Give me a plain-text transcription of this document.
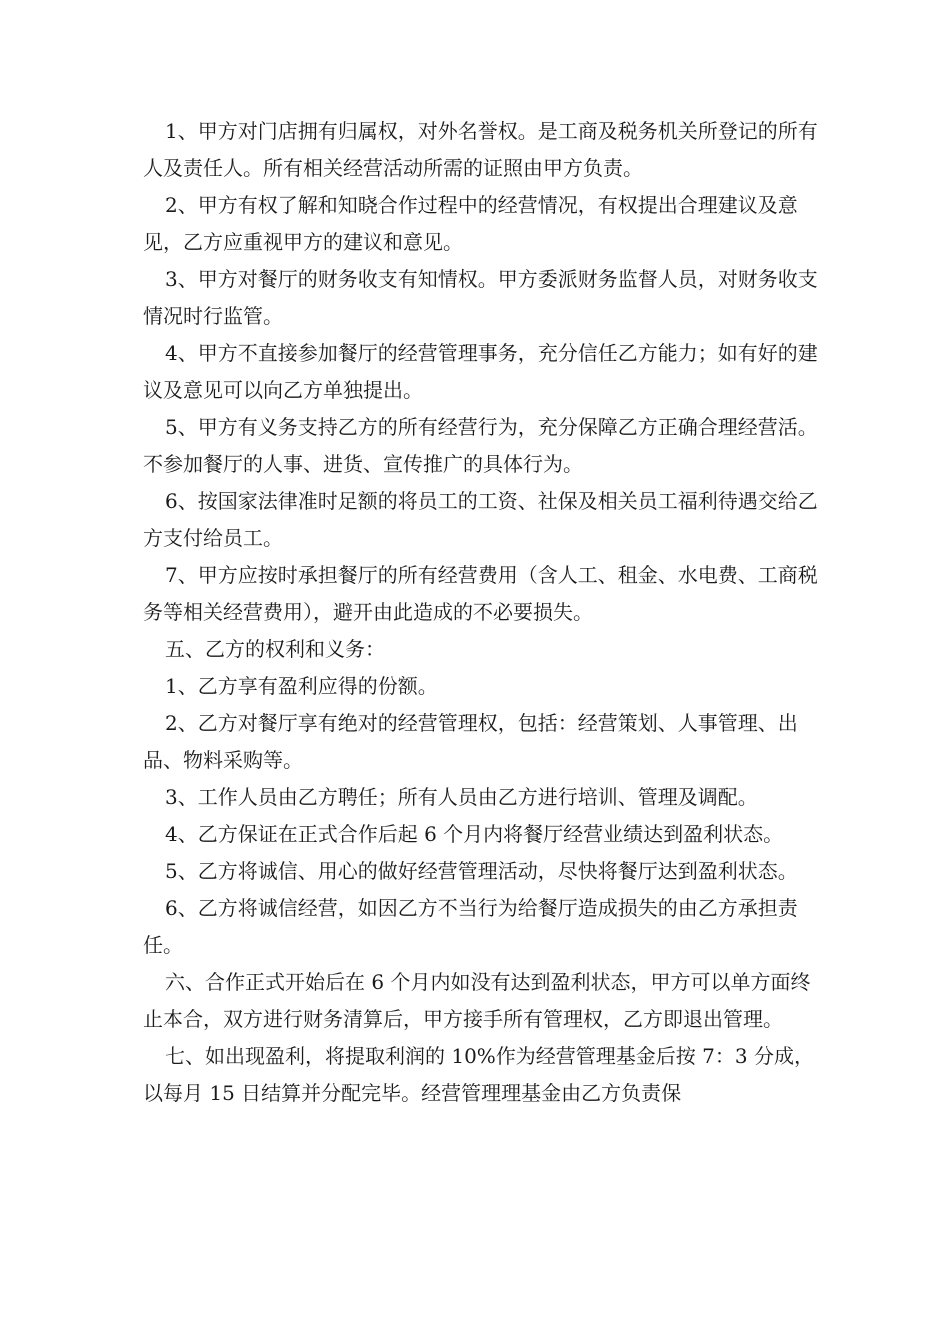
1、甲方对门店拥有归属权，对外名誉权。是工商及税务机关所登记的所有人及责任人。所有相关经营活动所需的证照由甲方负责。

2、甲方有权了解和知晓合作过程中的经营情况，有权提出合理建议及意见，乙方应重视甲方的建议和意见。

3、甲方对餐厅的财务收支有知情权。甲方委派财务监督人员，对财务收支情况时行监管。

4、甲方不直接参加餐厅的经营管理事务，充分信任乙方能力；如有好的建议及意见可以向乙方单独提出。

5、甲方有义务支持乙方的所有经营行为，充分保障乙方正确合理经营活。不参加餐厅的人事、进货、宣传推广的具体行为。

6、按国家法律准时足额的将员工的工资、社保及相关员工福利待遇交给乙方支付给员工。

7、甲方应按时承担餐厅的所有经营费用（含人工、租金、水电费、工商税务等相关经营费用），避开由此造成的不必要损失。

五、乙方的权利和义务：

1、乙方享有盈利应得的份额。

2、乙方对餐厅享有绝对的经营管理权，包括：经营策划、人事管理、出品、物料采购等。

3、工作人员由乙方聘任；所有人员由乙方进行培训、管理及调配。

4、乙方保证在正式合作后起 6 个月内将餐厅经营业绩达到盈利状态。

5、乙方将诚信、用心的做好经营管理活动，尽快将餐厅达到盈利状态。

6、乙方将诚信经营，如因乙方不当行为给餐厅造成损失的由乙方承担责任。

六、合作正式开始后在 6 个月内如没有达到盈利状态，甲方可以单方面终止本合，双方进行财务清算后，甲方接手所有管理权，乙方即退出管理。

七、如出现盈利，将提取利润的 10%作为经营管理基金后按 7：3 分成，以每月 15 日结算并分配完毕。经营管理理基金由乙方负责保
